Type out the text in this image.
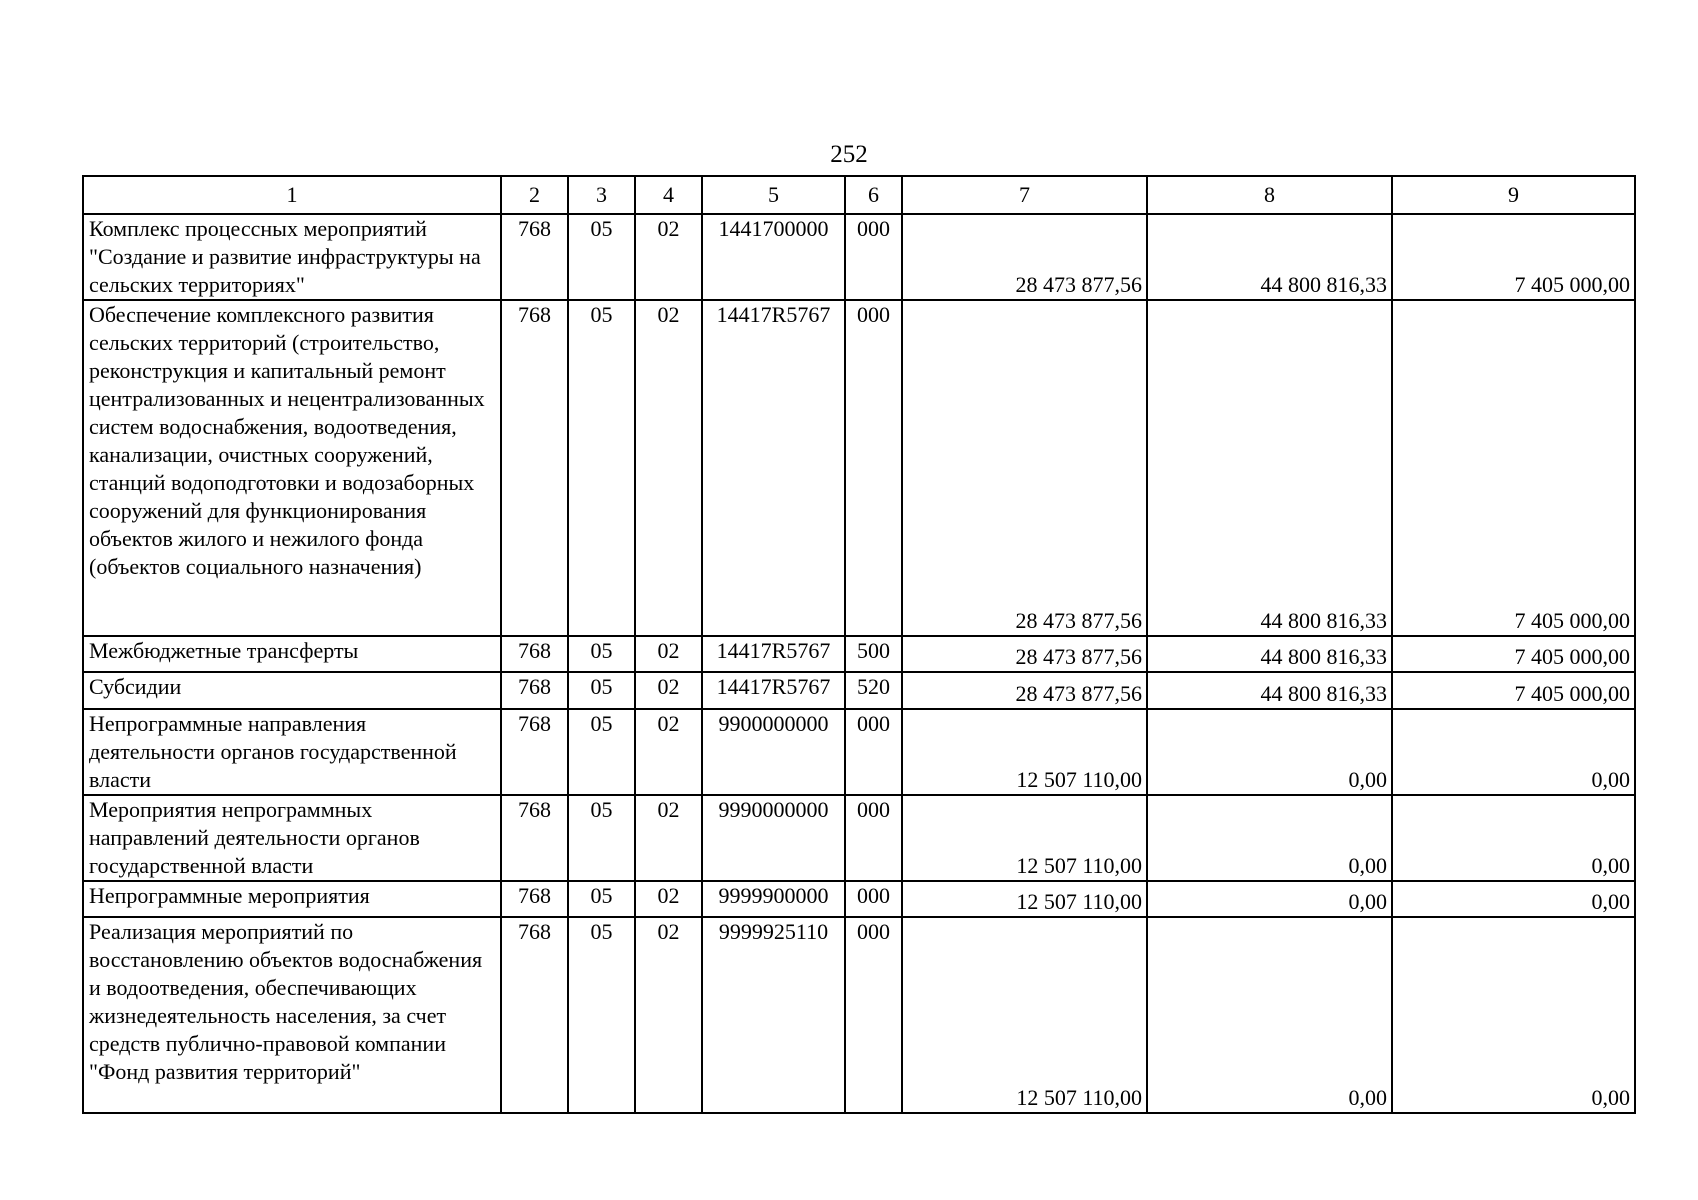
252
1	2	3	4	5	6	7	8	9
Комплекс процессных мероприятий "Создание и развитие инфраструктуры на сельских территориях"	768	05	02	1441700000	000	28 473 877,56	44 800 816,33	7 405 000,00
Обеспечение комплексного развития сельских территорий (строительство, реконструкция и капитальный ремонт централизованных и нецентрализованных систем водоснабжения, водоотведения, канализации, очистных сооружений, станций водоподготовки и водозаборных сооружений для функционирования объектов жилого и нежилого фонда (объектов социального назначения)	768	05	02	14417R5767	000	28 473 877,56	44 800 816,33	7 405 000,00
Межбюджетные трансферты	768	05	02	14417R5767	500	28 473 877,56	44 800 816,33	7 405 000,00
Субсидии	768	05	02	14417R5767	520	28 473 877,56	44 800 816,33	7 405 000,00
Непрограммные направления деятельности органов государственной власти	768	05	02	9900000000	000	12 507 110,00	0,00	0,00
Мероприятия непрограммных направлений деятельности органов государственной власти	768	05	02	9990000000	000	12 507 110,00	0,00	0,00
Непрограммные мероприятия	768	05	02	9999900000	000	12 507 110,00	0,00	0,00
Реализация мероприятий по восстановлению объектов водоснабжения и водоотведения, обеспечивающих жизнедеятельность населения, за счет средств публично-правовой компании "Фонд развития территорий"	768	05	02	9999925110	000	12 507 110,00	0,00	0,00
